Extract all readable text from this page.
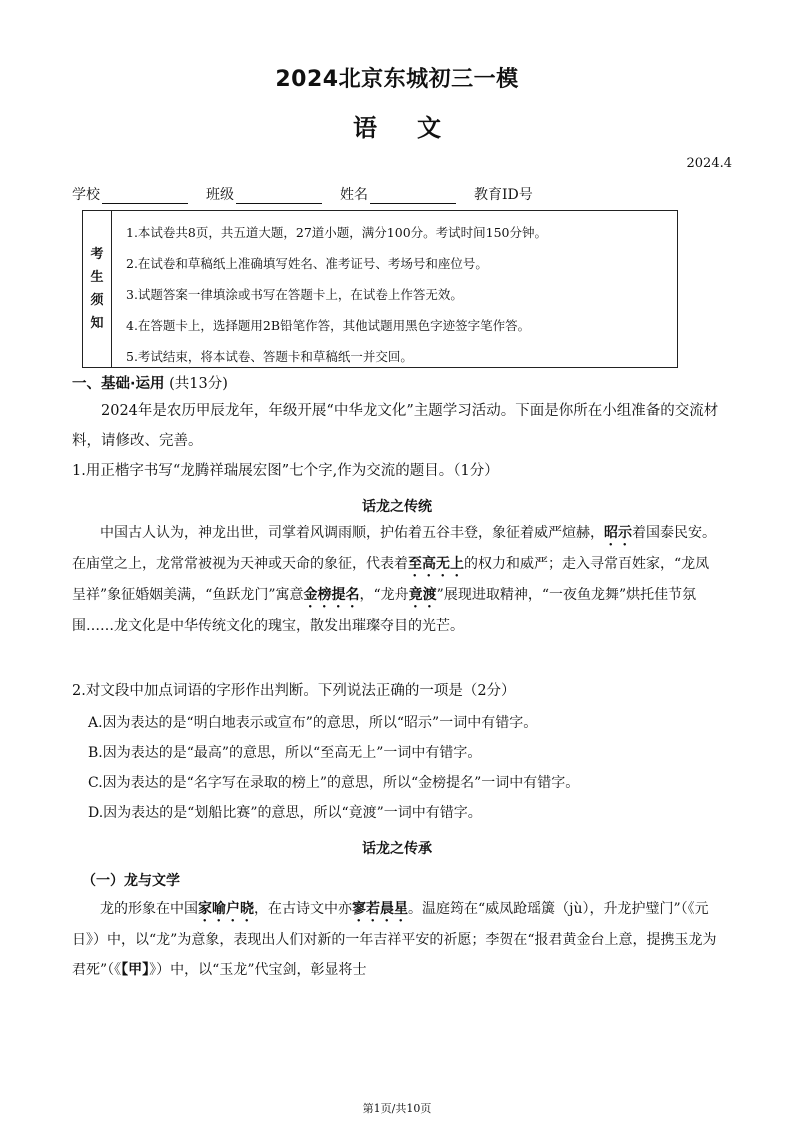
2024北京东城初三一模
语文
2024.4
学校	班级	姓名	教育ID号
考
生
须
知
1.本试卷共8页，共五道大题，27道小题，满分100分。考试时间150分钟。
2.在试卷和草稿纸上准确填写姓名、准考证号、考场号和座位号。
3.试题答案一律填涂或书写在答题卡上，在试卷上作答无效。
4.在答题卡上，选择题用2B铅笔作答，其他试题用黑色字迹签字笔作答。
5.考试结束，将本试卷、答题卡和草稿纸一并交回。
一、基础·运用 (共13分)

2024年是农历甲辰龙年，年级开展“中华龙文化”主题学习活动。下面是你所在小组准备的交流材料，请修改、完善。

1.用正楷字书写“龙腾祥瑞展宏图”七个字,作为交流的题目。（1分）

话龙之传统

中国古人认为，神龙出世，司掌着风调雨顺，护佑着五谷丰登，象征着威严煊赫，昭示着国泰民安。在庙堂之上，龙常常被视为天神或天命的象征，代表着至高无上的权力和威严；走入寻常百姓家，“龙凤呈祥”象征婚姻美满，“鱼跃龙门”寓意金榜提名，“龙舟竟渡”展现进取精神，“一夜鱼龙舞”烘托佳节氛围……龙文化是中华传统文化的瑰宝，散发出璀璨夺目的光芒。

2.对文段中加点词语的字形作出判断。下列说法正确的一项是（2分）

A.因为表达的是“明白地表示或宣布”的意思，所以“昭示”一词中有错字。
B.因为表达的是“最高”的意思，所以“至高无上”一词中有错字。
C.因为表达的是“名字写在录取的榜上”的意思，所以“金榜提名”一词中有错字。
D.因为表达的是“划船比赛”的意思，所以“竟渡”一词中有错字。
话龙之传承
（一）龙与文学

龙的形象在中国家喻户晓，在古诗文中亦寥若晨星。温庭筠在“威凤跄瑶簴（jù），升龙护璧门”（《元日》）中，以“龙”为意象，表现出人们对新的一年吉祥平安的祈愿；李贺在“报君黄金台上意，提携玉龙为君死”（《【甲】》）中，以“玉龙”代宝剑，彰显将士

第1页/共10页
